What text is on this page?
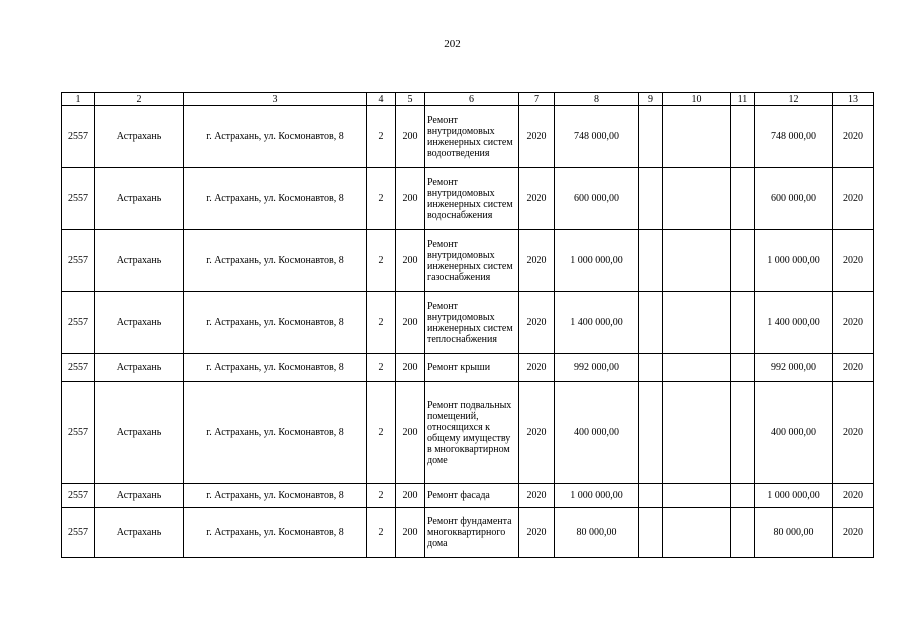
202
1	2	3	4	5	6	7	8	9	10	11	12	13
2557	Астрахань	г. Астрахань, ул. Космонавтов, 8	2	200	Ремонт внутридомовых инженерных систем водоотведения	2020	748 000,00				748 000,00	2020
2557	Астрахань	г. Астрахань, ул. Космонавтов, 8	2	200	Ремонт внутридомовых инженерных систем водоснабжения	2020	600 000,00				600 000,00	2020
2557	Астрахань	г. Астрахань, ул. Космонавтов, 8	2	200	Ремонт внутридомовых инженерных систем газоснабжения	2020	1 000 000,00				1 000 000,00	2020
2557	Астрахань	г. Астрахань, ул. Космонавтов, 8	2	200	Ремонт внутридомовых инженерных систем теплоснабжения	2020	1 400 000,00				1 400 000,00	2020
2557	Астрахань	г. Астрахань, ул. Космонавтов, 8	2	200	Ремонт крыши	2020	992 000,00				992 000,00	2020
2557	Астрахань	г. Астрахань, ул. Космонавтов, 8	2	200	Ремонт подвальных помещений, относящихся к общему имуществу в многоквартирном доме	2020	400 000,00				400 000,00	2020
2557	Астрахань	г. Астрахань, ул. Космонавтов, 8	2	200	Ремонт фасада	2020	1 000 000,00				1 000 000,00	2020
2557	Астрахань	г. Астрахань, ул. Космонавтов, 8	2	200	Ремонт фундамента многоквартирного дома	2020	80 000,00				80 000,00	2020
